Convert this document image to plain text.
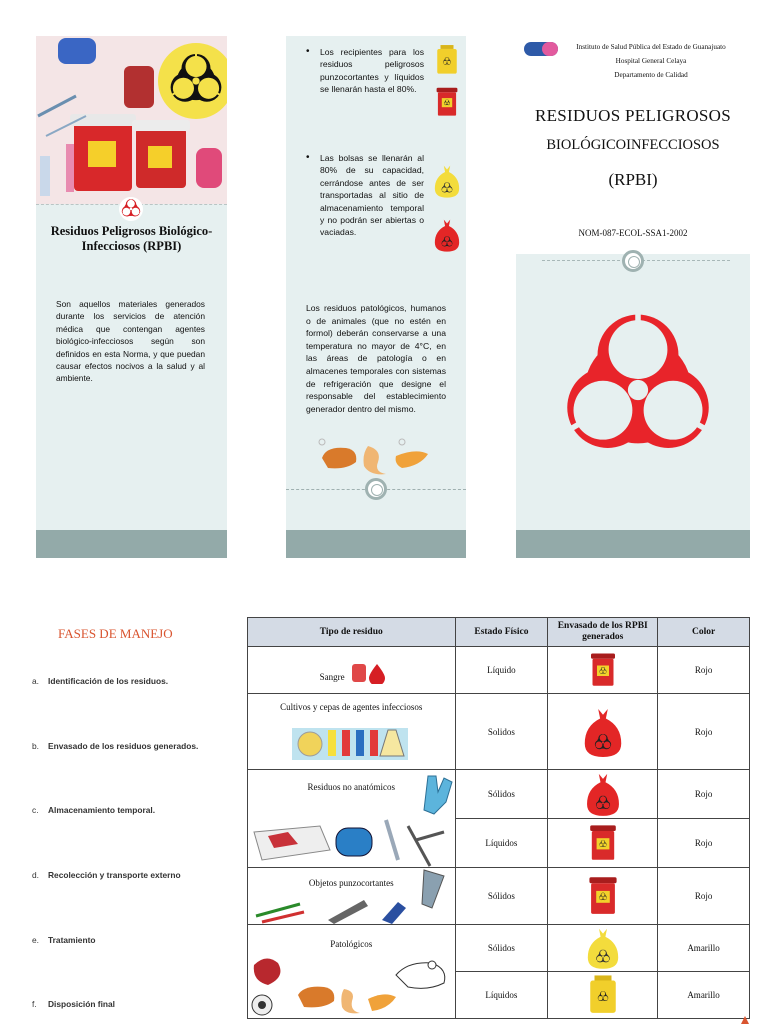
Residuos Peligrosos Biológico-Infecciosos (RPBI)
Son aquellos materiales generados durante los servicios de atención médica que contengan agentes biológico-infecciosos según son definidos en esta Norma, y que puedan causar efectos nocivos a la salud y al ambiente.
• Los recipientes para los residuos peligrosos punzocortantes y líquidos se llenarán hasta el 80%.
• Las bolsas se llenarán al 80% de su capacidad, cerrándose antes de ser transportadas al sitio de almacenamiento temporal y no podrán ser abiertas o vaciadas.
Los residuos patológicos, humanos o de animales (que no estén en formol) deberán conservarse a una temperatura no mayor de 4°C, en las áreas de patología o en almacenes temporales con sistemas de refrigeración que designe el responsable del establecimiento generador dentro del mismo.
Instituto de Salud Pública del Estado de Guanajuato
Hospital General Celaya
Departamento de Calidad
RESIDUOS PELIGROSOS
BIOLÓGICOINFECCIOSOS
(RPBI)
NOM-087-ECOL-SSA1-2002
FASES DE MANEJO
a. Identificación de los residuos.
b. Envasado de los residuos generados.
c. Almacenamiento temporal.
d. Recolección y transporte externo
e. Tratamiento
f. Disposición final
Tipo de residuo	Estado Físico	Envasado de los RPBI generados	Color
Sangre	Líquido		Rojo

Cultivos y cepas de agentes infecciosos	Solidos		Rojo

Residuos no anatómicos	Sólidos		Rojo
	Líquidos		Rojo

Objetos punzocortantes	Sólidos		Rojo

Patológicos	Sólidos		Amarillo
	Líquidos		Amarillo
